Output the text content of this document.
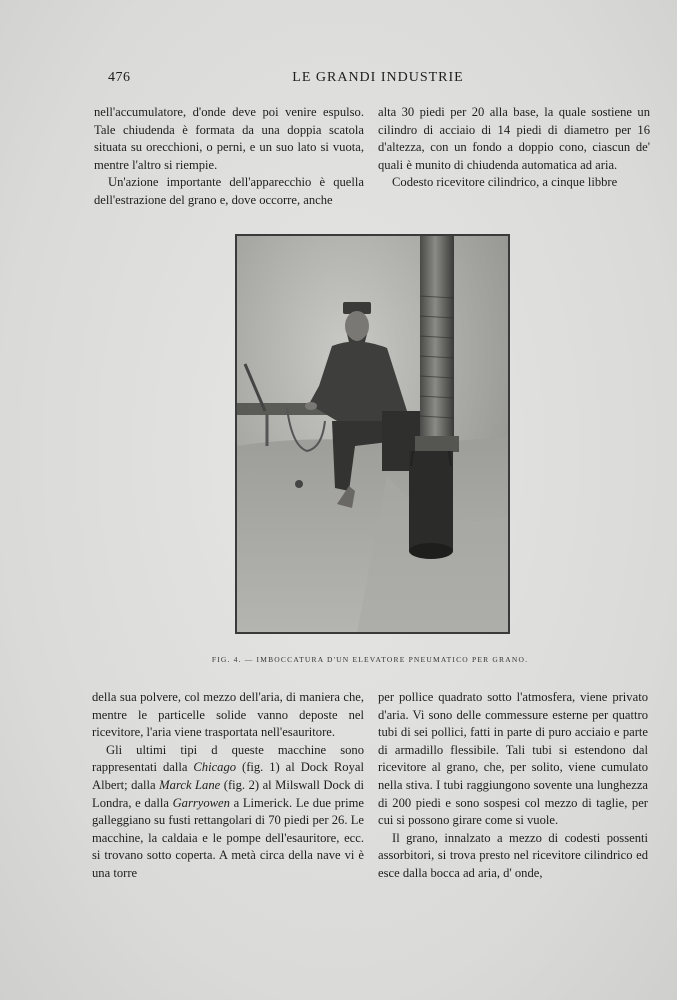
476	LE GRANDI INDUSTRIE

nell'accumulatore, d'onde deve poi venire espulso. Tale chiudenda è formata da una doppia scatola situata su orecchioni, o perni, e un suo lato si vuota, mentre l'altro si riempie.

Un'azione importante dell'apparecchio è quella dell'estrazione del grano e, dove occorre, anche

alta 30 piedi per 20 alla base, la quale sostiene un cilindro di acciaio di 14 piedi di diametro per 16 d'altezza, con un fondo a doppio cono, ciascun de' quali è munito di chiudenda automatica ad aria.

Codesto ricevitore cilindrico, a cinque libbre

FIG. 4. — IMBOCCATURA D'UN ELEVATORE PNEUMATICO PER GRANO.

della sua polvere, col mezzo dell'aria, di maniera che, mentre le particelle solide vanno deposte nel ricevitore, l'aria viene trasportata nell'esauritore.

Gli ultimi tipi d queste macchine sono rappresentati dalla Chicago (fig. 1) al Dock Royal Albert; dalla Marck Lane (fig. 2) al Milswall Dock di Londra, e dalla Garryowen a Limerick. Le due prime galleggiano su fusti rettangolari di 70 piedi per 26. Le macchine, la caldaia e le pompe dell'esauritore, ecc. si trovano sotto coperta. A metà circa della nave vi è una torre

per pollice quadrato sotto l'atmosfera, viene privato d'aria. Vi sono delle commessure esterne per quattro tubi di sei pollici, fatti in parte di puro acciaio e parte di armadillo flessibile. Tali tubi si estendono dal ricevitore al grano, che, per solito, viene cumulato nella stiva. I tubi raggiungono sovente una lunghezza di 200 piedi e sono sospesi col mezzo di taglie, per cui si possono girare come si vuole.

Il grano, innalzato a mezzo di codesti possenti assorbitori, si trova presto nel ricevitore cilindrico ed esce dalla bocca ad aria, d' onde,
